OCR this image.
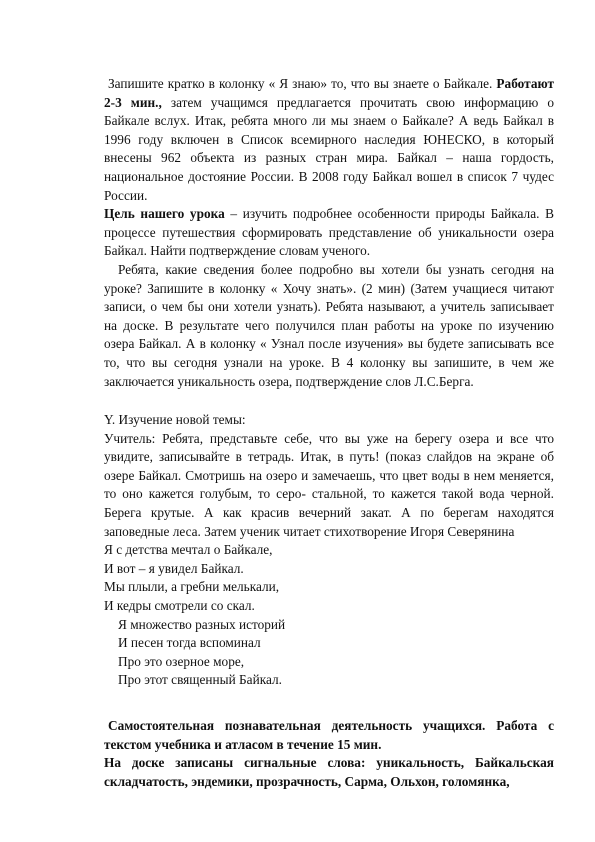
Запишите кратко в колонку « Я знаю» то, что вы знаете о Байкале. Работают 2-3 мин., затем учащимся предлагается прочитать свою информацию о Байкале вслух. Итак, ребята много ли мы знаем о Байкале? А ведь Байкал в 1996 году включен в Список всемирного наследия ЮНЕСКО, в который внесены 962 объекта из разных стран мира. Байкал – наша гордость, национальное достояние России. В 2008 году Байкал вошел в список 7 чудес России.

Цель нашего урока – изучить подробнее особенности природы Байкала. В процессе путешествия сформировать представление об уникальности озера Байкал. Найти подтверждение словам ученого.

Ребята, какие сведения более подробно вы хотели бы узнать сегодня на уроке? Запишите в колонку « Хочу знать». (2 мин) (Затем учащиеся читают записи, о чем бы они хотели узнать). Ребята называют, а учитель записывает на доске. В результате чего получился план работы на уроке по изучению озера Байкал. А в колонку « Узнал после изучения» вы будете записывать все то, что вы сегодня узнали на уроке. В 4 колонку вы запишите, в чем же заключается уникальность озера, подтверждение слов Л.С.Берга.

Y. Изучение новой темы:

Учитель: Ребята, представьте себе, что вы уже на берегу озера и все что увидите, записывайте в тетрадь. Итак, в путь! (показ слайдов на экране об озере Байкал. Смотришь на озеро и замечаешь, что цвет воды в нем меняется, то оно кажется голубым, то серо- стальной, то кажется такой вода черной. Берега крутые. А как красив вечерний закат. А по берегам находятся заповедные леса. Затем ученик читает стихотворение Игоря Северянина

Я с детства мечтал о Байкале,
И вот – я увидел Байкал.
Мы плыли, а гребни мелькали,
И кедры смотрели со скал.
Я множество разных историй
И песен тогда вспоминал
Про это озерное море,
Про этот священный Байкал.

Самостоятельная познавательная деятельность учащихся. Работа с текстом учебника и атласом в течение 15 мин.

На доске записаны сигнальные слова: уникальность, Байкальская складчатость, эндемики, прозрачность, Сарма, Ольхон, голомянка,
